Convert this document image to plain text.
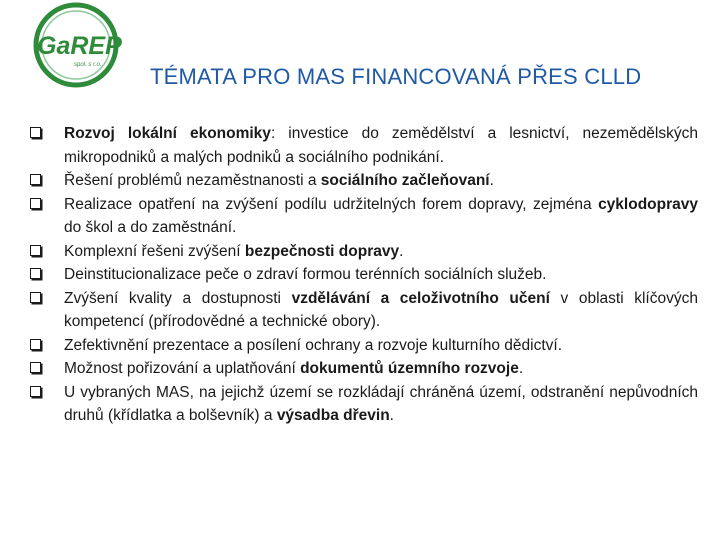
GaREP
spol. s r.o. TÉMATA PRO MAS FINANCOVANÁ PŘES CLLD
Rozvoj lokální ekonomiky: investice do zemědělství a lesnictví, nezemědělských mikropodniků a malých podniků a sociálního podnikání.
Řešení problémů nezaměstnanosti a sociálního začleňovaní.
Realizace opatření na zvýšení podílu udržitelných forem dopravy, zejména cyklodopravy do škol a do zaměstnání.
Komplexní řešeni zvýšení bezpečnosti dopravy.
Deinstitucionalizace peče o zdraví formou terénních sociálních služeb.
Zvýšení kvality a dostupnosti vzdělávání a celoživotního učení v oblasti klíčových kompetencí (přírodovědné a technické obory).
Zefektivnění prezentace a posílení ochrany a rozvoje kulturního dědictví.
Možnost pořizování a uplatňování dokumentů územního rozvoje.
U vybraných MAS, na jejichž území se rozkládají chráněná území, odstranění nepůvodních druhů (křídlatka a bolševník) a výsadba dřevin.
